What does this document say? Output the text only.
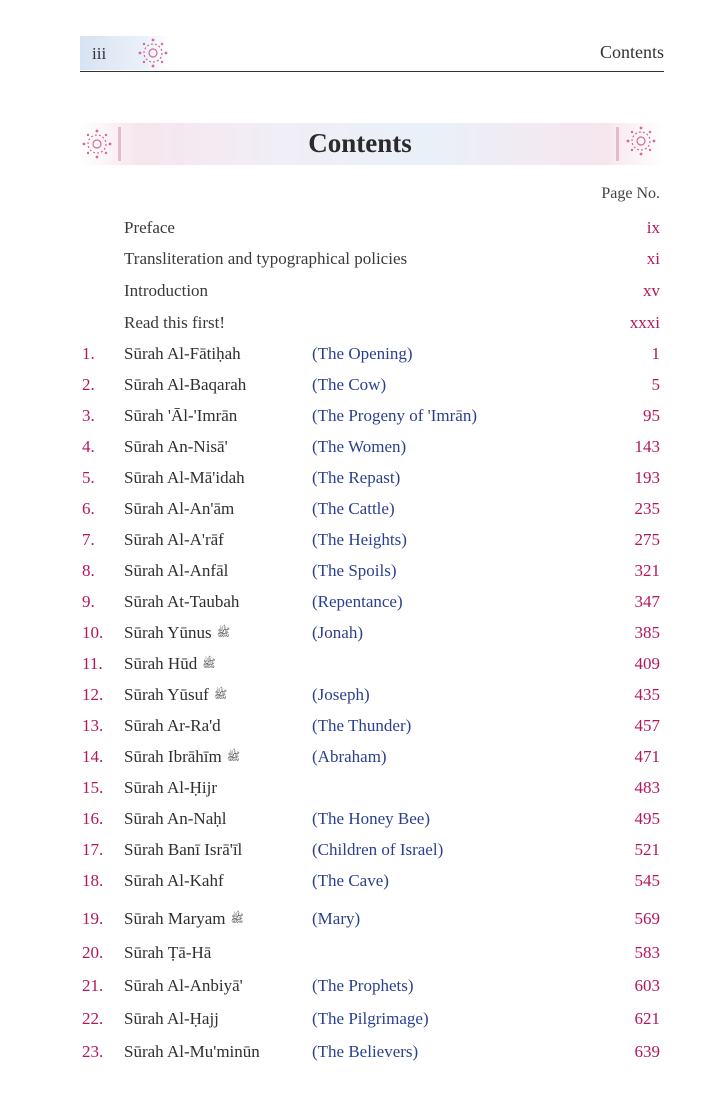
iii	Contents
Contents
Page No.
Preface	ix
Transliteration and typographical policies	xi
Introduction	xv
Read this first!	xxxi
1. Sūrah Al-Fātiḥah	(The Opening)	1
2. Sūrah Al-Baqarah	(The Cow)	5
3. Sūrah 'Āl-'Imrān	(The Progeny of 'Imrān)	95
4. Sūrah An-Nisā'	(The Women)	143
5. Sūrah Al-Mā'idah	(The Repast)	193
6. Sūrah Al-An'ām	(The Cattle)	235
7. Sūrah Al-A'rāf	(The Heights)	275
8. Sūrah Al-Anfāl	(The Spoils)	321
9. Sūrah At-Taubah	(Repentance)	347
10. Sūrah Yūnus ﷺ	(Jonah)	385
11. Sūrah Hūd ﷺ	409
12. Sūrah Yūsuf ﷺ	(Joseph)	435
13. Sūrah Ar-Ra'd	(The Thunder)	457
14. Sūrah Ibrāhīm ﷺ	(Abraham)	471
15. Sūrah Al-Ḥijr	483
16. Sūrah An-Naḥl	(The Honey Bee)	495
17. Sūrah Banī Isrā'īl	(Children of Israel)	521
18. Sūrah Al-Kahf	(The Cave)	545
19. Sūrah Maryam ﷺ	(Mary)	569
20. Sūrah Ṭā-Hā	583
21. Sūrah Al-Anbiyā'	(The Prophets)	603
22. Sūrah Al-Ḥajj	(The Pilgrimage)	621
23. Sūrah Al-Mu'minūn	(The Believers)	639
